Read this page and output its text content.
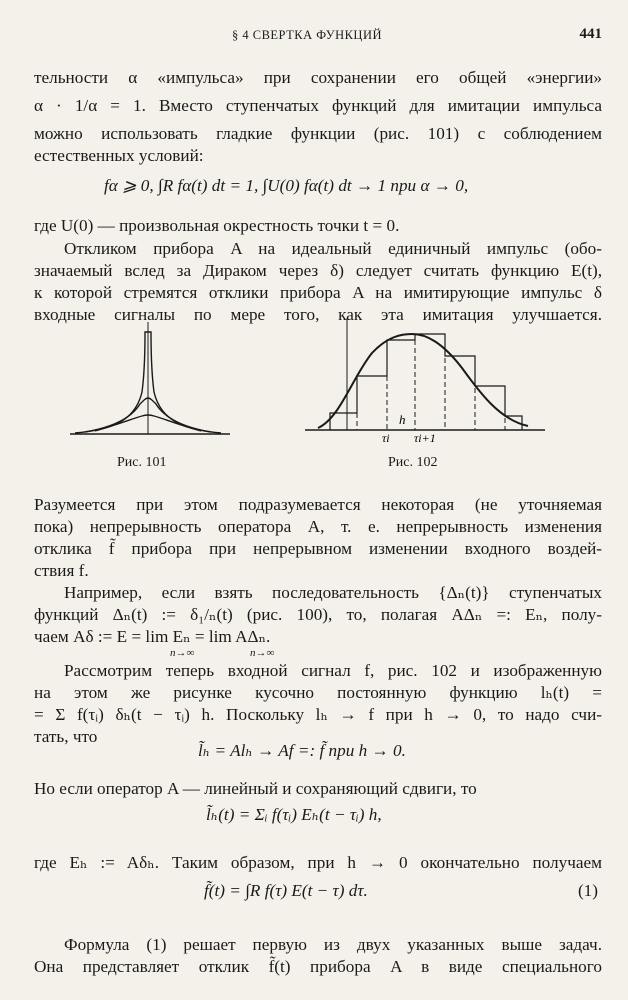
§ 4 СВЕРТКА ФУНКЦИЙ	441
тельности α «импульса» при сохранении его общей «энергии»
α · 1/α = 1. Вместо ступенчатых функций для имитации импульса
можно использовать гладкие функции (рис. 101) с соблюдением
естественных условий:
fα ⩾ 0, ∫R fα(t) dt = 1, ∫U(0) fα(t) dt → 1 при α → 0,
где U(0) — произвольная окрестность точки t = 0.
Откликом прибора A на идеальный единичный импульс (обо-
значаемый вслед за Дираком через δ) следует считать функцию E(t),
к которой стремятся отклики прибора A на имитирующие импульс δ
входные сигналы по мере того, как эта имитация улучшается.
Рис. 101
h
τi τi+1
Рис. 102
Разумеется при этом подразумевается некоторая (не уточняемая
пока) непрерывность оператора A, т. е. непрерывность изменения
отклика f̃ прибора при непрерывном изменении входного воздей-
ствия f.
Например, если взять последовательность {Δₙ(t)} ступенчатых
функций Δₙ(t) := δ₁/ₙ(t) (рис. 100), то, полагая AΔₙ =: Eₙ, полу-
чаем Aδ := E = lim Eₙ = lim AΔₙ.
n→∞	n→∞
Рассмотрим теперь входной сигнал f, рис. 102 и изображенную
на этом же рисунке кусочно постоянную функцию lₕ(t) =
= Σ f(τᵢ) δₕ(t − τᵢ) h. Поскольку lₕ → f при h → 0, то надо счи-
тать, что
l̃ₕ = Alₕ → Af =: f̃ при h → 0.
Но если оператор A — линейный и сохраняющий сдвиги, то
l̃ₕ(t) = Σᵢ f(τᵢ) Eₕ(t − τᵢ) h,
где Eₕ := Aδₕ. Таким образом, при h → 0 окончательно получаем
f̃(t) = ∫R f(τ) E(t − τ) dτ.	(1)
Формула (1) решает первую из двух указанных выше задач.
Она представляет отклик f̃(t) прибора A в виде специального
